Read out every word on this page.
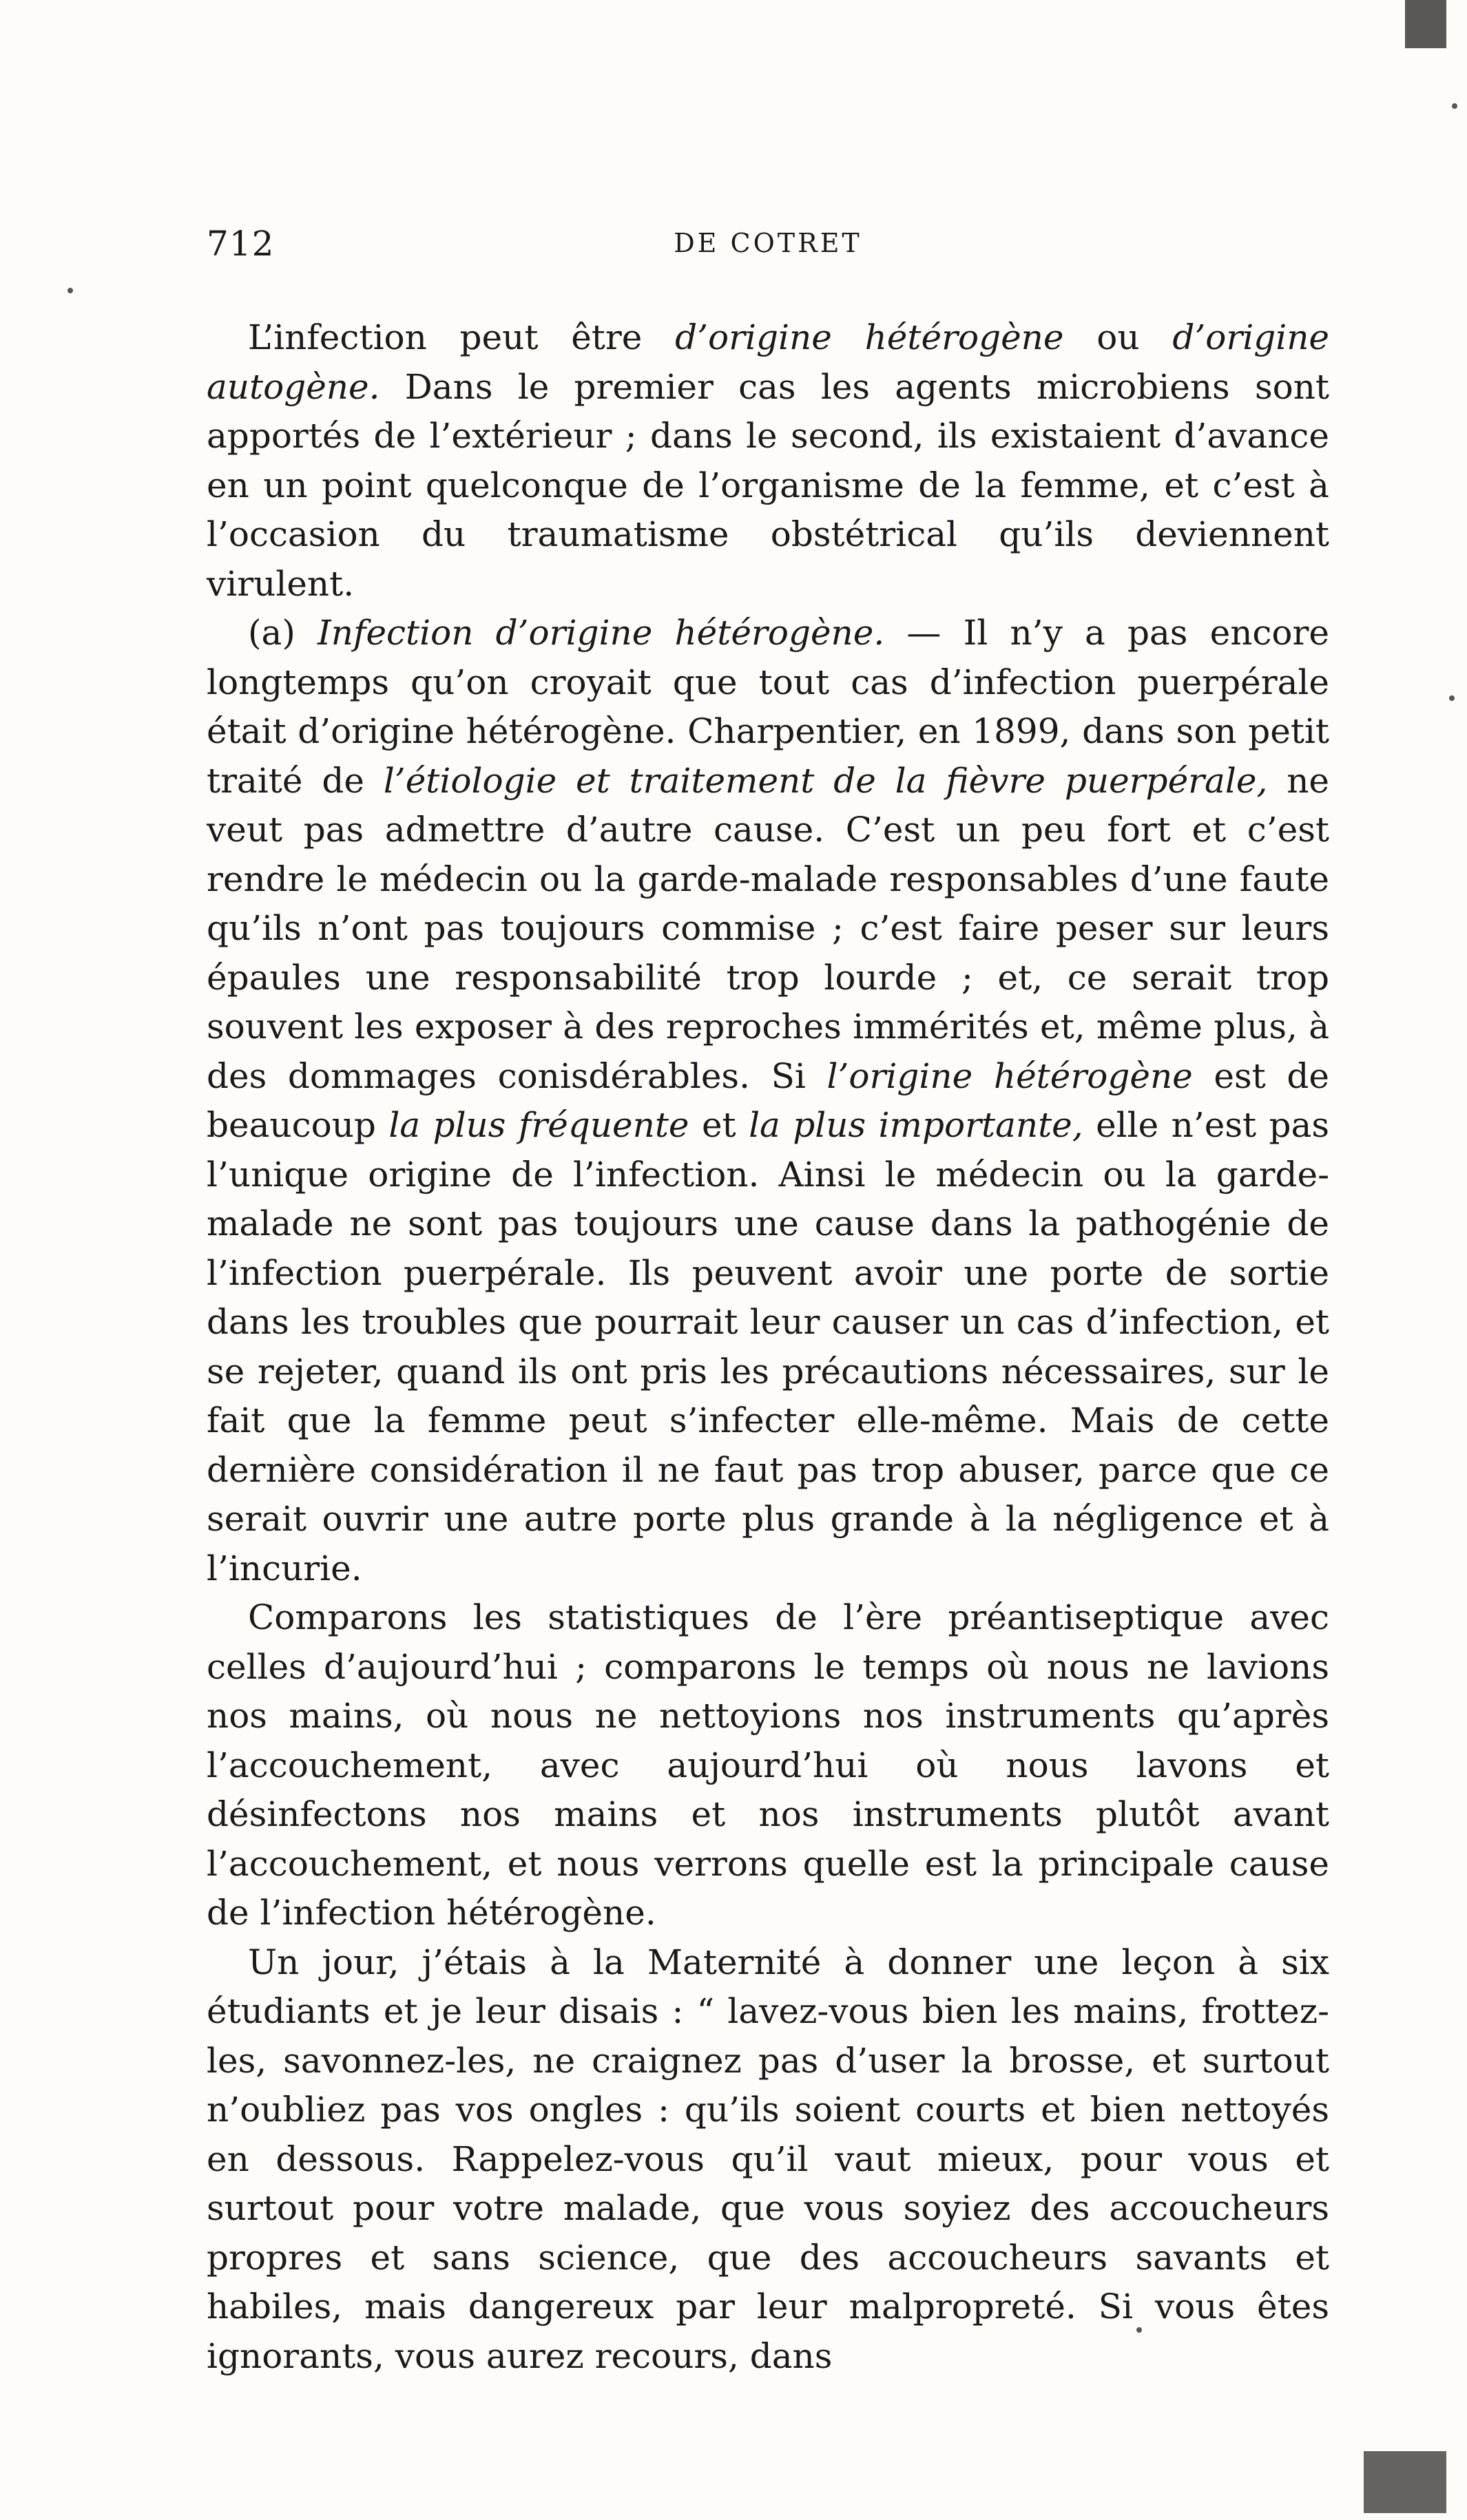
712	DE COTRET

L’infection peut être d’origine hétérogène ou d’origine autogène. Dans le premier cas les agents microbiens sont apportés de l’extérieur ; dans le second, ils existaient d’avance en un point quelconque de l’organisme de la femme, et c’est à l’occasion du traumatisme obstétrical qu’ils deviennent virulent.

(a) Infection d’origine hétérogène. — Il n’y a pas encore longtemps qu’on croyait que tout cas d’infection puerpérale était d’origine hétérogène. Charpentier, en 1899, dans son petit traité de l’étiologie et traitement de la fièvre puerpérale, ne veut pas admettre d’autre cause. C’est un peu fort et c’est rendre le médecin ou la garde-malade responsables d’une faute qu’ils n’ont pas toujours commise ; c’est faire peser sur leurs épaules une responsabilité trop lourde ; et, ce serait trop souvent les exposer à des reproches immérités et, même plus, à des dommages conisdérables. Si l’origine hétérogène est de beaucoup la plus fréquente et la plus importante, elle n’est pas l’unique origine de l’infection. Ainsi le médecin ou la garde-malade ne sont pas toujours une cause dans la pathogénie de l’infection puerpérale. Ils peuvent avoir une porte de sortie dans les troubles que pourrait leur causer un cas d’infection, et se rejeter, quand ils ont pris les précautions nécessaires, sur le fait que la femme peut s’infecter elle-même. Mais de cette dernière considération il ne faut pas trop abuser, parce que ce serait ouvrir une autre porte plus grande à la négligence et à l’incurie.

Comparons les statistiques de l’ère préantiseptique avec celles d’aujourd’hui ; comparons le temps où nous ne lavions nos mains, où nous ne nettoyions nos instruments qu’après l’accouchement, avec aujourd’hui où nous lavons et désinfectons nos mains et nos instruments plutôt avant l’accouchement, et nous verrons quelle est la principale cause de l’infection hétérogène.

Un jour, j’étais à la Maternité à donner une leçon à six étudiants et je leur disais : “ lavez-vous bien les mains, frottez-les, savonnez-les, ne craignez pas d’user la brosse, et surtout n’oubliez pas vos ongles : qu’ils soient courts et bien nettoyés en dessous. Rappelez-vous qu’il vaut mieux, pour vous et surtout pour votre malade, que vous soyiez des accoucheurs propres et sans science, que des accoucheurs savants et habiles, mais dangereux par leur malpropreté. Si vous êtes ignorants, vous aurez recours, dans
